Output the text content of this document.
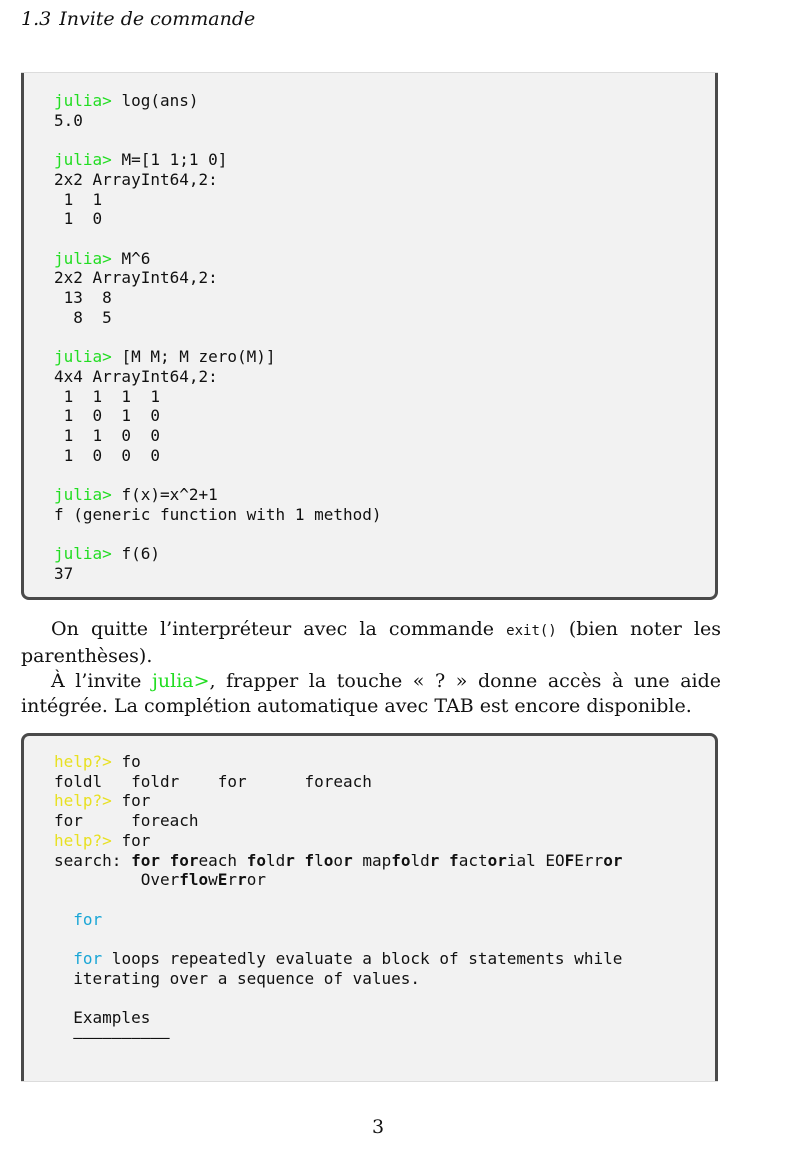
1.3 Invite de commande
julia> log(ans)
5.0

julia> M=[1 1;1 0]
2x2 ArrayInt64,2:
1  1
1  0

julia> M^6
2x2 ArrayInt64,2:
13  8
8  5

julia> [M M; M zero(M)]
4x4 ArrayInt64,2:
1  1  1  1
1  0  1  0
1  1  0  0
1  0  0  0

julia> f(x)=x^2+1
f (generic function with 1 method)

julia> f(6)
37

On quitte l’interpréteur avec la commande exit() (bien noter les parenthèses).
À l’invite julia>, frapper la touche « ? » donne accès à une aide intégrée. La complétion automatique avec TAB est encore disponible.
help?> fo
foldl   foldr    for      foreach
help?> for
for     foreach
help?> for
search: for foreach foldr floor mapfoldr factorial EOFError
OverflowError

for

for loops repeatedly evaluate a block of statements while
iterating over a sequence of values.

Examples
––––––––––

3
